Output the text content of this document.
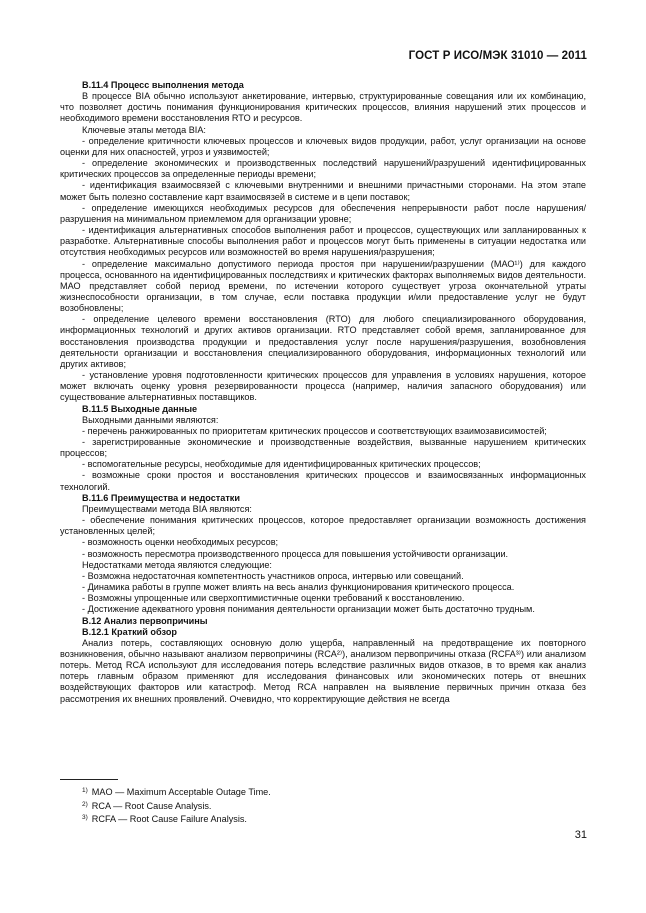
ГОСТ Р ИСО/МЭК 31010 — 2011

B.11.4 Процесс выполнения метода

В процессе BIA обычно используют анкетирование, интервью, структурированные совещания или их комбинацию, что позволяет достичь понимания функционирования критических процессов, влияния нарушений этих процессов и необходимого времени восстановления RTO и ресурсов.

Ключевые этапы метода BIA:

- определение критичности ключевых процессов и ключевых видов продукции, работ, услуг организации на основе оценки для них опасностей, угроз и уязвимостей;

- определение экономических и производственных последствий нарушений/разрушений идентифицированных критических процессов за определенные периоды времени;

- идентификация взаимосвязей с ключевыми внутренними и внешними причастными сторонами. На этом этапе может быть полезно составление карт взаимосвязей в системе и в цепи поставок;

- определение имеющихся необходимых ресурсов для обеспечения непрерывности работ после нарушения/разрушения на минимальном приемлемом для организации уровне;

- идентификация альтернативных способов выполнения работ и процессов, существующих или запланированных к разработке. Альтернативные способы выполнения работ и процессов могут быть применены в ситуации недостатка или отсутствия необходимых ресурсов или возможностей во время нарушения/разрушения;

- определение максимально допустимого периода простоя при нарушении/разрушении (МАО¹⁾) для каждого процесса, основанного на идентифицированных последствиях и критических факторах выполняемых видов деятельности. МАО представляет собой период времени, по истечении которого существует угроза окончательной утраты жизнеспособности организации, в том случае, если поставка продукции и/или предоставление услуг не будут возобновлены;

- определение целевого времени восстановления (RTO) для любого специализированного оборудования, информационных технологий и других активов организации. RTO представляет собой время, запланированное для восстановления производства продукции и предоставления услуг после нарушения/разрушения, возобновления деятельности организации и восстановления специализированного оборудования, информационных технологий или других активов;

- установление уровня подготовленности критических процессов для управления в условиях нарушения, которое может включать оценку уровня резервированности процесса (например, наличия запасного оборудования) или существование альтернативных поставщиков.

B.11.5 Выходные данные

Выходными данными являются:

- перечень ранжированных по приоритетам критических процессов и соответствующих взаимозависимостей;

- зарегистрированные экономические и производственные воздействия, вызванные нарушением критических процессов;

- вспомогательные ресурсы, необходимые для идентифицированных критических процессов;

- возможные сроки простоя и восстановления критических процессов и взаимосвязанных информационных технологий.

B.11.6 Преимущества и недостатки

Преимуществами метода BIA являются:

- обеспечение понимания критических процессов, которое предоставляет организации возможность достижения установленных целей;

- возможность оценки необходимых ресурсов;

- возможность пересмотра производственного процесса для повышения устойчивости организации.

Недостатками метода являются следующие:

- Возможна недостаточная компетентность участников опроса, интервью или совещаний.

- Динамика работы в группе может влиять на весь анализ функционирования критического процесса.

- Возможны упрощенные или сверхоптимистичные оценки требований к восстановлению.

- Достижение адекватного уровня понимания деятельности организации может быть достаточно трудным.

B.12 Анализ первопричины

B.12.1 Краткий обзор

Анализ потерь, составляющих основную долю ущерба, направленный на предотвращение их повторного возникновения, обычно называют анализом первопричины (RCA²⁾), анализом первопричины отказа (RCFA³⁾) или анализом потерь. Метод RCA используют для исследования потерь вследствие различных видов отказов, в то время как анализ потерь главным образом применяют для исследования финансовых или экономических потерь от внешних воздействующих факторов или катастроф. Метод RCA направлен на выявление первичных причин отказа без рассмотрения их внешних проявлений. Очевидно, что корректирующие действия не всегда

$^{1)}$ MAO — Maximum Acceptable Outage Time.
$^{2)}$ RCA — Root Cause Analysis.
$^{3)}$ RCFA — Root Cause Failure Analysis.
31
